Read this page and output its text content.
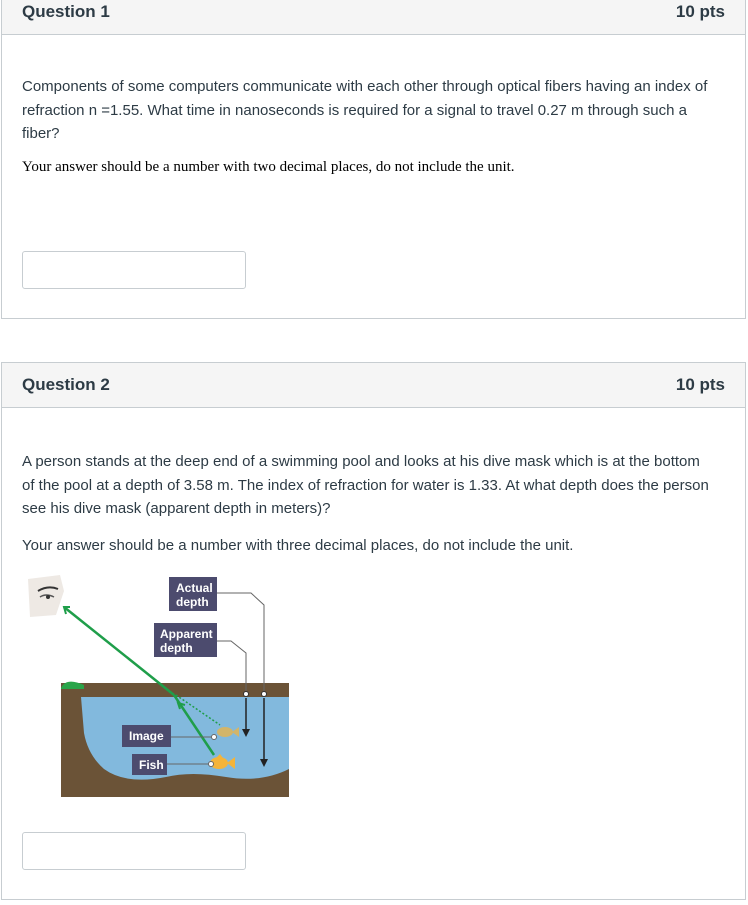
Question 1	10 pts

Components of some computers communicate with each other through optical fibers having an index of refraction n =1.55. What time in nanoseconds is required for a signal to travel 0.27 m through such a fiber?

Your answer should be a number with two decimal places, do not include the unit.

Question 2	10 pts

A person stands at the deep end of a swimming pool and looks at his dive mask which is at the bottom of the pool at a depth of 3.58 m. The index of refraction for water is 1.33. At what depth does the person see his dive mask (apparent depth in meters)?

Your answer should be a number with three decimal places, do not include the unit.

Actual
depth
Apparent
depth
Image
Fish
